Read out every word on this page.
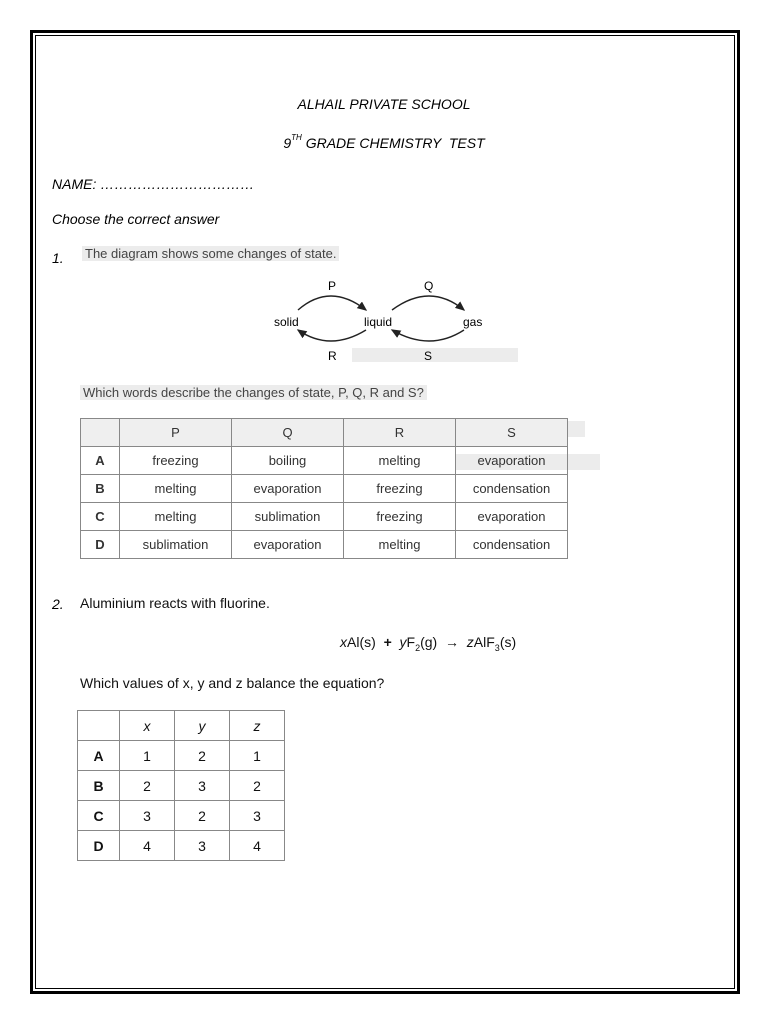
ALHAIL PRIVATE SCHOOL
9TH GRADE CHEMISTRY  TEST
NAME: ……………………………
Choose the correct answer
1. The diagram shows some changes of state.
solid	liquid	gas
P	Q
R	S
Which words describe the changes of state, P, Q, R and S?
	P	Q	R	S
A	freezing	boiling	melting	evaporation
B	melting	evaporation	freezing	condensation
C	melting	sublimation	freezing	evaporation
D	sublimation	evaporation	melting	condensation
2. Aluminium reacts with fluorine.
$xAl(s) + yF_2(g)$ → zAlF$_3$(s)
Which values of x, y and z balance the equation?
	x	y	z
A	1	2	1
B	2	3	2
C	3	2	3
D	4	3	4
